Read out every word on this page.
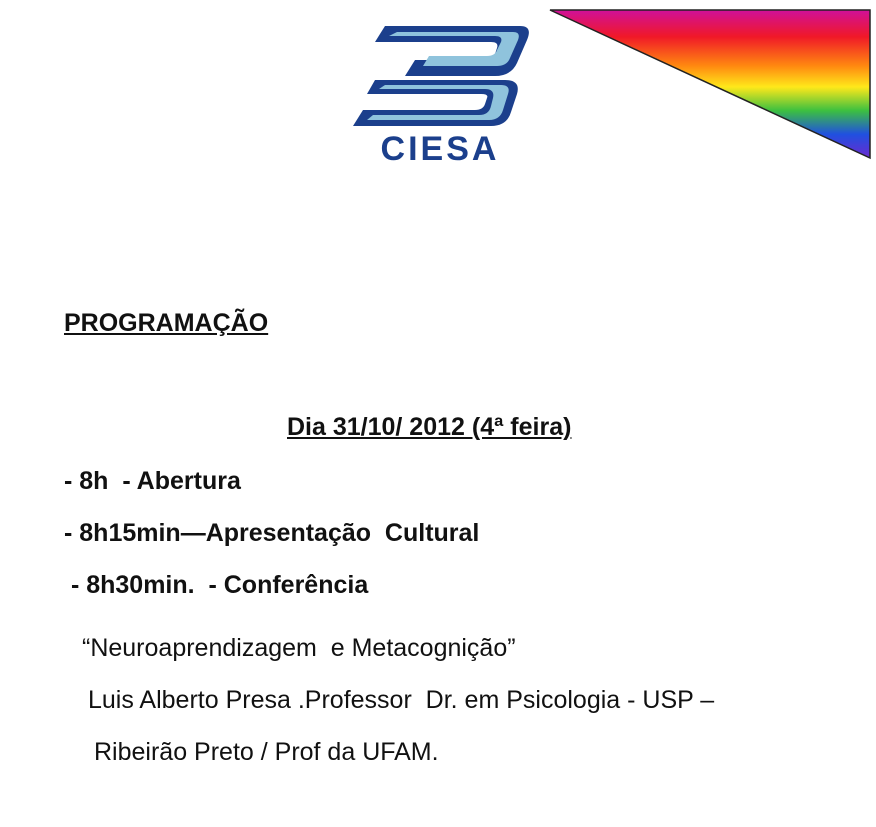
CIESA

PROGRAMAÇÃO

Dia 31/10/ 2012 (4ª feira)

- 8h  - Abertura

- 8h15min—Apresentação  Cultural

- 8h30min.  - Conferência

“Neuroaprendizagem  e Metacognição”

Luis Alberto Presa .Professor  Dr. em Psicologia - USP –

Ribeirão Preto / Prof da UFAM.
